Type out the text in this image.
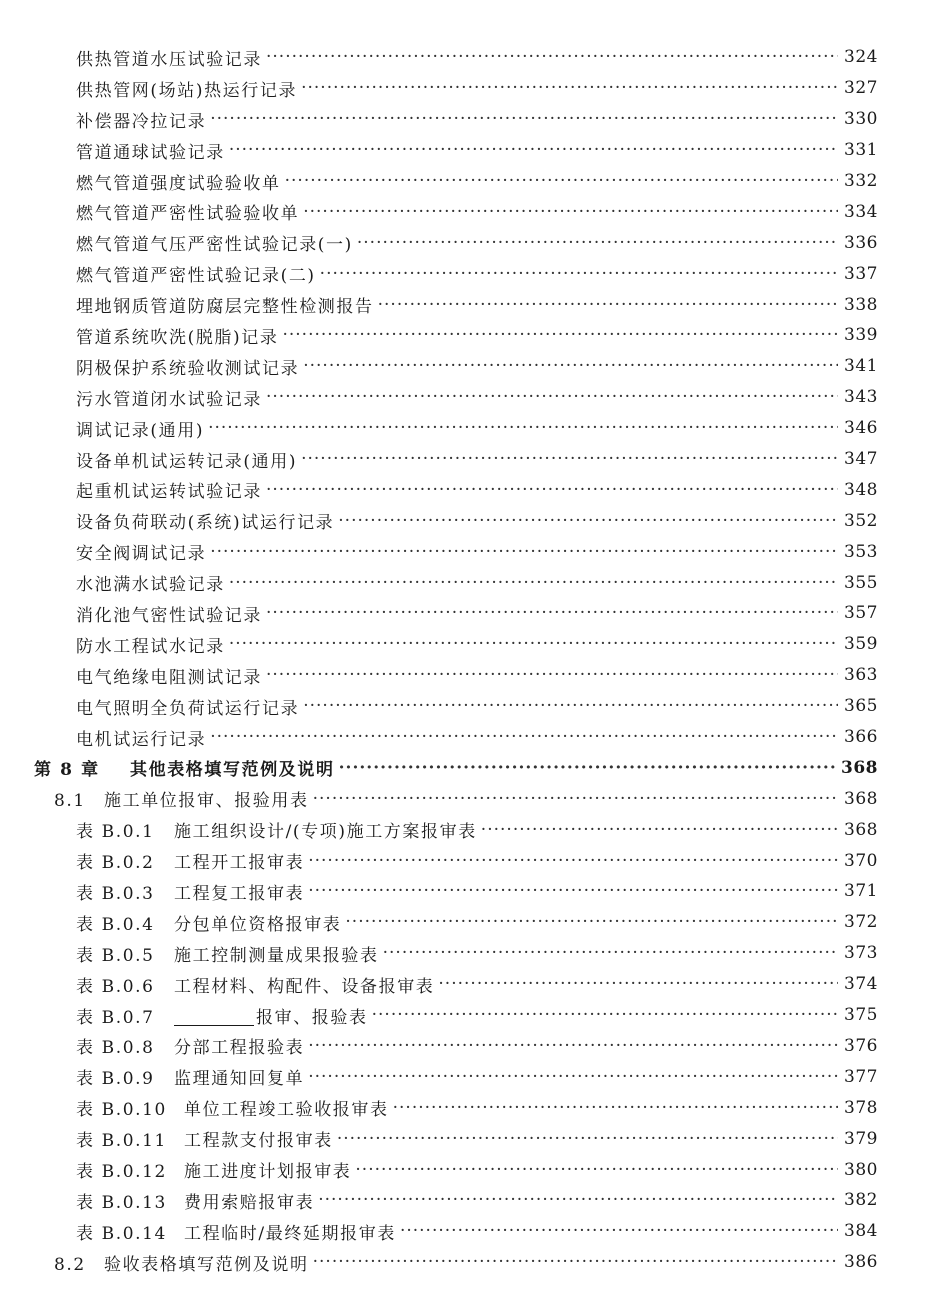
供热管道水压试验记录 ·····	324
供热管网(场站)热运行记录 ·····	327
补偿器冷拉记录 ·····	330
管道通球试验记录 ·····	331
燃气管道强度试验验收单 ·····	332
燃气管道严密性试验验收单 ·····	334
燃气管道气压严密性试验记录(一) ·····	336
燃气管道严密性试验记录(二) ·····	337
埋地钢质管道防腐层完整性检测报告 ·····	338
管道系统吹洗(脱脂)记录 ·····	339
阴极保护系统验收测试记录 ·····	341
污水管道闭水试验记录 ·····	343
调试记录(通用) ·····	346
设备单机试运转记录(通用) ·····	347
起重机试运转试验记录 ·····	348
设备负荷联动(系统)试运行记录 ·····	352
安全阀调试记录 ·····	353
水池满水试验记录 ·····	355
消化池气密性试验记录 ·····	357
防水工程试水记录 ·····	359
电气绝缘电阻测试记录 ·····	363
电气照明全负荷试运行记录 ·····	365
电机试运行记录 ·····	366
第 8 章 其他表格填写范例及说明 ·····	368
8.1 施工单位报审、报验用表 ·····	368
表 B.0.1 施工组织设计/(专项)施工方案报审表 ·····	368
表 B.0.2 工程开工报审表 ·····	370
表 B.0.3 工程复工报审表 ·····	371
表 B.0.4 分包单位资格报审表 ·····	372
表 B.0.5 施工控制测量成果报验表 ·····	373
表 B.0.6 工程材料、构配件、设备报审表 ·····	374
表 B.0.7	报审、报验表 ·····	375
表 B.0.8 分部工程报验表 ·····	376
表 B.0.9 监理通知回复单 ·····	377
表 B.0.10 单位工程竣工验收报审表 ·····	378
表 B.0.11 工程款支付报审表 ·····	379
表 B.0.12 施工进度计划报审表 ·····	380
表 B.0.13 费用索赔报审表 ·····	382
表 B.0.14 工程临时/最终延期报审表 ·····	384
8.2 验收表格填写范例及说明 ·····	386
